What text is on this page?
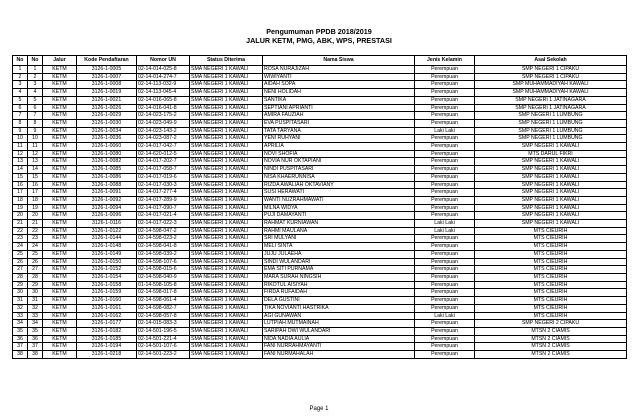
Pengumuman PPDB 2018/2019
JALUR KETM, PMG, ABK, WPS, PRESTASI
No	No	Jalur	Kode Pendaftaran	Nomor UN	Status Diterima	Nama Siswa	Jenis Kelamin	Asal Sekolah
1	1	KETM	3126-1-0005	02-14-014-025-8	SMA NEGERI 1 KAWALI	ROSA NURAJIZAH	Perempuan	SMP NEGERI 1 CIPAKU
2	2	KETM	3126-1-0007	02-14-014-274-7	SMA NEGERI 1 KAWALI	WIWIYANTI	Perempuan	SMP NEGERI 1 CIPAKU
3	3	KETM	3126-1-0008	02-14-113-032-9	SMA NEGERI 1 KAWALI	AIDAH SOPA	Perempuan	SMP MUHAMMADIYAH KAWALI
4	4	KETM	3126-1-0019	02-14-113-045-4	SMA NEGERI 1 KAWALI	NENI HOLIDAH	Perempuan	SMP MUHAMMADIYAH KAWALI
5	5	KETM	3126-1-0021	02-14-016-065-8	SMA NEGERI 1 KAWALI	SANTIKA	Perempuan	SMP NEGERI 1 JATINAGARA
6	6	KETM	3126-1-0026	02-14-016-041-8	SMA NEGERI 1 KAWALI	SEPTIANI APRIANTI	Perempuan	SMP NEGERI 1 JATINAGARA
7	7	KETM	3126-1-0029	02-14-023-175-2	SMA NEGERI 1 KAWALI	AMIRA FAUZIAH	Perempuan	SMP NEGERI 1 LUMBUNG
8	8	KETM	3126-1-0030	02-14-023-049-9	SMA NEGERI 1 KAWALI	EVA PUSPITASARI	Perempuan	SMP NEGERI 1 LUMBUNG
9	9	KETM	3126-1-0034	02-14-023-143-2	SMA NEGERI 1 KAWALI	TATA TARYANA	Laki Laki	SMP NEGERI 1 LUMBUNG
10	10	KETM	3126-1-0036	02-14-023-087-2	SMA NEGERI 1 KAWALI	YENI RUHYANI	Perempuan	SMP NEGERI 1 LUMBUNG
11	11	KETM	3126-1-0060	02-14-017-042-7	SMA NEGERI 1 KAWALI	APRILIA	Perempuan	SMP NEGERI 1 KAWALI
12	12	KETM	3126-1-0080	02-14-620-012-5	SMA NEGERI 1 KAWALI	NOVI SHOFIA	Perempuan	MTS DARUL FIKRI
13	13	KETM	3126-1-0082	02-14-017-202-7	SMA NEGERI 1 KAWALI	NOVIA NUR OKTAPIANI	Perempuan	SMP NEGERI 1 KAWALI
14	14	KETM	3126-1-0085	02-14-017-058-7	SMA NEGERI 1 KAWALI	NINDI PUSPITASARI	Perempuan	SMP NEGERI 1 KAWALI
15	15	KETM	3126-1-0086	02-14-017-019-6	SMA NEGERI 1 KAWALI	NISA KHAERUNNISA	Perempuan	SMP NEGERI 1 KAWALI
16	16	KETM	3126-1-0088	02-14-017-030-3	SMA NEGERI 1 KAWALI	RIZDA AWALIAH OKTAVIANY	Perempuan	SMP NEGERI 1 KAWALI
17	17	KETM	3126-1-0091	02-14-017-277-4	SMA NEGERI 1 KAWALI	SUSI HERAWATI	Perempuan	SMP NEGERI 1 KAWALI
18	18	KETM	3126-1-0092	02-14-017-289-9	SMA NEGERI 1 KAWALI	WANTI NUZRAHMAWATI	Perempuan	SMP NEGERI 1 KAWALI
19	19	KETM	3126-1-0094	02-14-017-090-7	SMA NEGERI 1 KAWALI	MILNA WIDYA	Perempuan	SMP NEGERI 1 KAWALI
20	20	KETM	3126-1-0096	02-14-017-021-4	SMA NEGERI 1 KAWALI	PUJI DAMAYANTI	Perempuan	SMP NEGERI 1 KAWALI
21	21	KETM	3126-1-0116	02-14-017-022-3	SMA NEGERI 1 KAWALI	RAHMAT KURNIAWAN	Laki Laki	SMP NEGERI 1 KAWALI
22	22	KETM	3126-1-0122	02-14-598-047-2	SMA NEGERI 1 KAWALI	RAHMI MAULANA	Laki Laki	MTS CIEURIH
23	23	KETM	3126-1-0144	02-14-598-023-2	SMA NEGERI 1 KAWALI	SRI MULYANI	Perempuan	MTS CIEURIH
24	24	KETM	3126-1-0148	02-14-598-041-8	SMA NEGERI 1 KAWALI	MELI SINTA	Perempuan	MTS CIEURIH
25	25	KETM	3126-1-0149	02-14-598-039-2	SMA NEGERI 1 KAWALI	JUJU JULAEHA	Perempuan	MTS CIEURIH
26	26	KETM	3126-1-0150	02-14-598-107-6	SMA NEGERI 1 KAWALI	SINDI WULANDARI	Perempuan	MTS CIEURIH
27	27	KETM	3126-1-0152	02-14-598-015-6	SMA NEGERI 1 KAWALI	EMA SITI PURNAMA	Perempuan	MTS CIEURIH
28	28	KETM	3126-1-0154	02-14-598-040-9	SMA NEGERI 1 KAWALI	MARA SURAH NINGSIH	Perempuan	MTS CIEURIH
29	29	KETM	3126-1-0158	01-14-598-105-8	SMA NEGERI 1 KAWALI	RIKOTUL AISIYAH	Perempuan	MTS CIEURIH
30	30	KETM	3126-1-0159	02-14-598-017-8	SMA NEGERI 1 KAWALI	FIRDA RUFAIDAH	Perempuan	MTS CIEURIH
31	31	KETM	3126-1-0160	02-14-598-061-4	SMA NEGERI 1 KAWALI	DELA GUSTINI	Perempuan	MTS CIEURIH
32	32	KETM	3126-1-0161	02-14-598-082-7	SMA NEGERI 1 KAWALI	TIKA NOVIANTI HASTRIKA	Perempuan	MTS CIEURIH
33	33	KETM	3126-1-0162	02-14-598-057-8	SMA NEGERI 1 KAWALI	AGI GUNAWAN	Laki Laki	MTS CIEURIH
34	34	KETM	3126-1-0177	02-14-015-083-3	SMA NEGERI 1 KAWALI	LUTPIAH MUTMAINAH	Perempuan	SMP NEGERI 2 CIPAKU
35	35	KETM	3126-1-0182	02-14-501-196-5	SMA NEGERI 1 KAWALI	SARIPAH DWI WULANDARI	Perempuan	MTSN 2 CIAMIS
36	36	KETM	3126-1-0185	02-14-501-221-4	SMA NEGERI 1 KAWALI	NIDA NADIA AULIA	Perempuan	MTSN 2 CIAMIS
37	37	KETM	3126-1-0194	02-14-501-107-6	SMA NEGERI 1 KAWALI	FANI NURRAHMAYANTI	Perempuan	MTSN 2 CIAMIS
38	38	KETM	3126-1-0218	02-14-501-223-2	SMA NEGERI 1 KAWALI	FANI NURMAHALAH	Perempuan	MTSN 2 CIAMIS
Page 1
